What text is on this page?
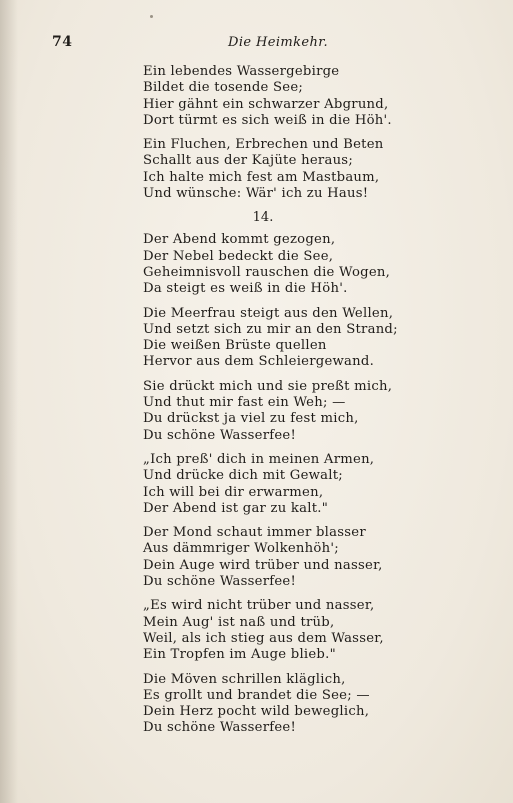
74	Die Heimkehr.
Ein lebendes Wassergebirge
Bildet die tosende See;
Hier gähnt ein schwarzer Abgrund,
Dort türmt es sich weiß in die Höh'.
Ein Fluchen, Erbrechen und Beten
Schallt aus der Kajüte heraus;
Ich halte mich fest am Mastbaum,
Und wünsche: Wär' ich zu Haus!
14.
Der Abend kommt gezogen,
Der Nebel bedeckt die See,
Geheimnisvoll rauschen die Wogen,
Da steigt es weiß in die Höh'.
Die Meerfrau steigt aus den Wellen,
Und setzt sich zu mir an den Strand;
Die weißen Brüste quellen
Hervor aus dem Schleiergewand.
Sie drückt mich und sie preßt mich,
Und thut mir fast ein Weh; —
Du drückst ja viel zu fest mich,
Du schöne Wasserfee!
„Ich preß' dich in meinen Armen,
Und drücke dich mit Gewalt;
Ich will bei dir erwarmen,
Der Abend ist gar zu kalt."
Der Mond schaut immer blasser
Aus dämmriger Wolkenhöh';
Dein Auge wird trüber und nasser,
Du schöne Wasserfee!
„Es wird nicht trüber und nasser,
Mein Aug' ist naß und trüb,
Weil, als ich stieg aus dem Wasser,
Ein Tropfen im Auge blieb."
Die Möven schrillen kläglich,
Es grollt und brandet die See; —
Dein Herz pocht wild beweglich,
Du schöne Wasserfee!
